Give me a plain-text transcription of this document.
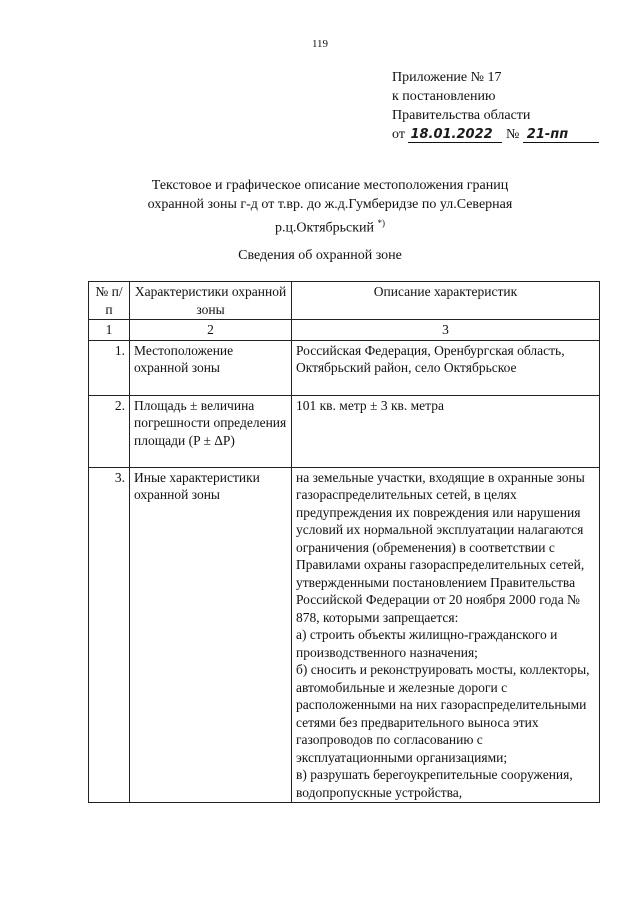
119
Приложение № 17
к постановлению
Правительства области
от 18.01.2022 № 21-пп
Текстовое и графическое описание местоположения границ
охранной зоны г-д от т.вр. до ж.д.Гумберидзе по ул.Северная
р.ц.Октябрьский *)
Сведения об охранной зоне
№ п/п	Характеристики охранной зоны	Описание характеристик
1	2	3
1.	Местоположение охранной зоны	Российская Федерация, Оренбургская область, Октябрьский район, село Октябрьское
2.	Площадь ± величина погрешности определения площади (P ± ΔP)	101 кв. метр ± 3 кв. метра
3.	Иные характеристики охранной зоны	на земельные участки, входящие в охранные зоны газораспределительных сетей, в целях предупреждения их повреждения или нарушения условий их нормальной эксплуатации налагаются ограничения (обременения) в соответствии с Правилами охраны газораспределительных сетей, утвержденными постановлением Правительства Российской Федерации от 20 ноября 2000 года № 878, которыми запрещается:
а) строить объекты жилищно-гражданского и производственного назначения;
б) сносить и реконструировать мосты, коллекторы, автомобильные и железные дороги с расположенными на них газораспределительными сетями без предварительного выноса этих газопроводов по согласованию с эксплуатационными организациями;
в) разрушать берегоукрепительные сооружения, водопропускные устройства,
